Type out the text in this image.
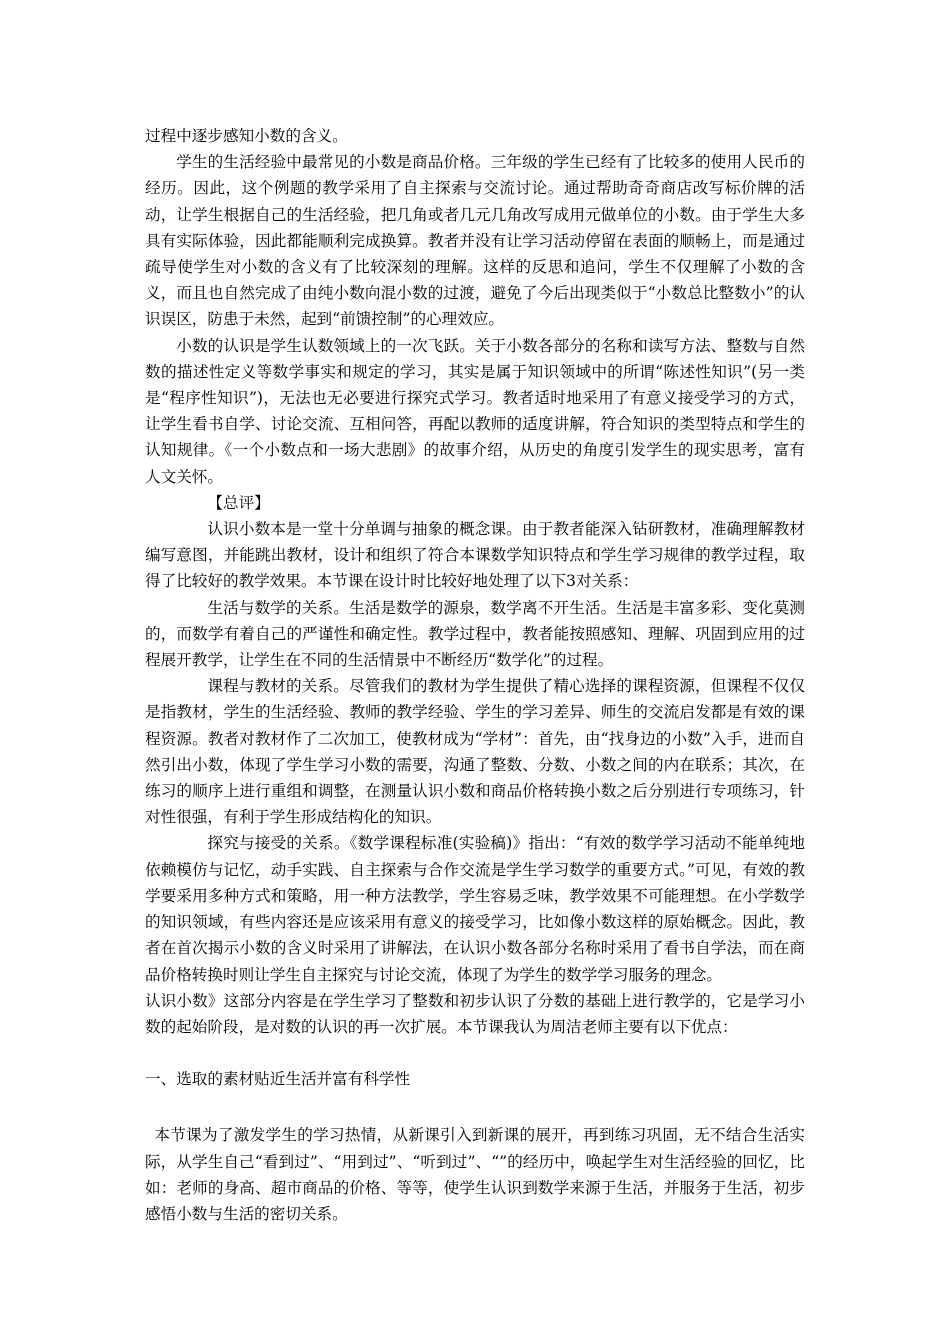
过程中逐步感知小数的含义。

学生的生活经验中最常见的小数是商品价格。三年级的学生已经有了比较多的使用人民币的经历。因此，这个例题的教学采用了自主探索与交流讨论。通过帮助奇奇商店改写标价牌的活动，让学生根据自己的生活经验，把几角或者几元几角改写成用元做单位的小数。由于学生大多具有实际体验，因此都能顺利完成换算。教者并没有让学习活动停留在表面的顺畅上，而是通过疏导使学生对小数的含义有了比较深刻的理解。这样的反思和追问，学生不仅理解了小数的含义，而且也自然完成了由纯小数向混小数的过渡，避免了今后出现类似于“小数总比整数小”的认识误区，防患于未然，起到“前馈控制”的心理效应。

小数的认识是学生认数领域上的一次飞跃。关于小数各部分的名称和读写方法、整数与自然数的描述性定义等数学事实和规定的学习，其实是属于知识领域中的所谓“陈述性知识”(另一类是“程序性知识”)，无法也无必要进行探究式学习。教者适时地采用了有意义接受学习的方式，让学生看书自学、讨论交流、互相问答，再配以教师的适度讲解，符合知识的类型特点和学生的认知规律。《一个小数点和一场大悲剧》的故事介绍，从历史的角度引发学生的现实思考，富有人文关怀。

【总评】

认识小数本是一堂十分单调与抽象的概念课。由于教者能深入钻研教材，准确理解教材编写意图，并能跳出教材，设计和组织了符合本课数学知识特点和学生学习规律的教学过程，取得了比较好的教学效果。本节课在设计时比较好地处理了以下3对关系：

生活与数学的关系。生活是数学的源泉，数学离不开生活。生活是丰富多彩、变化莫测的，而数学有着自己的严谨性和确定性。教学过程中，教者能按照感知、理解、巩固到应用的过程展开教学，让学生在不同的生活情景中不断经历“数学化”的过程。

课程与教材的关系。尽管我们的教材为学生提供了精心选择的课程资源，但课程不仅仅是指教材，学生的生活经验、教师的教学经验、学生的学习差异、师生的交流启发都是有效的课程资源。教者对教材作了二次加工，使教材成为“学材”：首先，由“找身边的小数”入手，进而自然引出小数，体现了学生学习小数的需要，沟通了整数、分数、小数之间的内在联系；其次，在练习的顺序上进行重组和调整，在测量认识小数和商品价格转换小数之后分别进行专项练习，针对性很强，有利于学生形成结构化的知识。

探究与接受的关系。《数学课程标准(实验稿)》指出：“有效的数学学习活动不能单纯地依赖模仿与记忆，动手实践、自主探索与合作交流是学生学习数学的重要方式。”可见，有效的教学要采用多种方式和策略，用一种方法教学，学生容易乏味，教学效果不可能理想。在小学数学的知识领域，有些内容还是应该采用有意义的接受学习，比如像小数这样的原始概念。因此，教者在首次揭示小数的含义时采用了讲解法，在认识小数各部分名称时采用了看书自学法，而在商品价格转换时则让学生自主探究与讨论交流，体现了为学生的数学学习服务的理念。

认识小数》这部分内容是在学生学习了整数和初步认识了分数的基础上进行教学的，它是学习小数的起始阶段，是对数的认识的再一次扩展。本节课我认为周洁老师主要有以下优点：

一、选取的素材贴近生活并富有科学性

本节课为了激发学生的学习热情，从新课引入到新课的展开，再到练习巩固，无不结合生活实际，从学生自己“看到过”、“用到过”、“听到过”、“”的经历中，唤起学生对生活经验的回忆，比如：老师的身高、超市商品的价格、等等，使学生认识到数学来源于生活，并服务于生活，初步感悟小数与生活的密切关系。
